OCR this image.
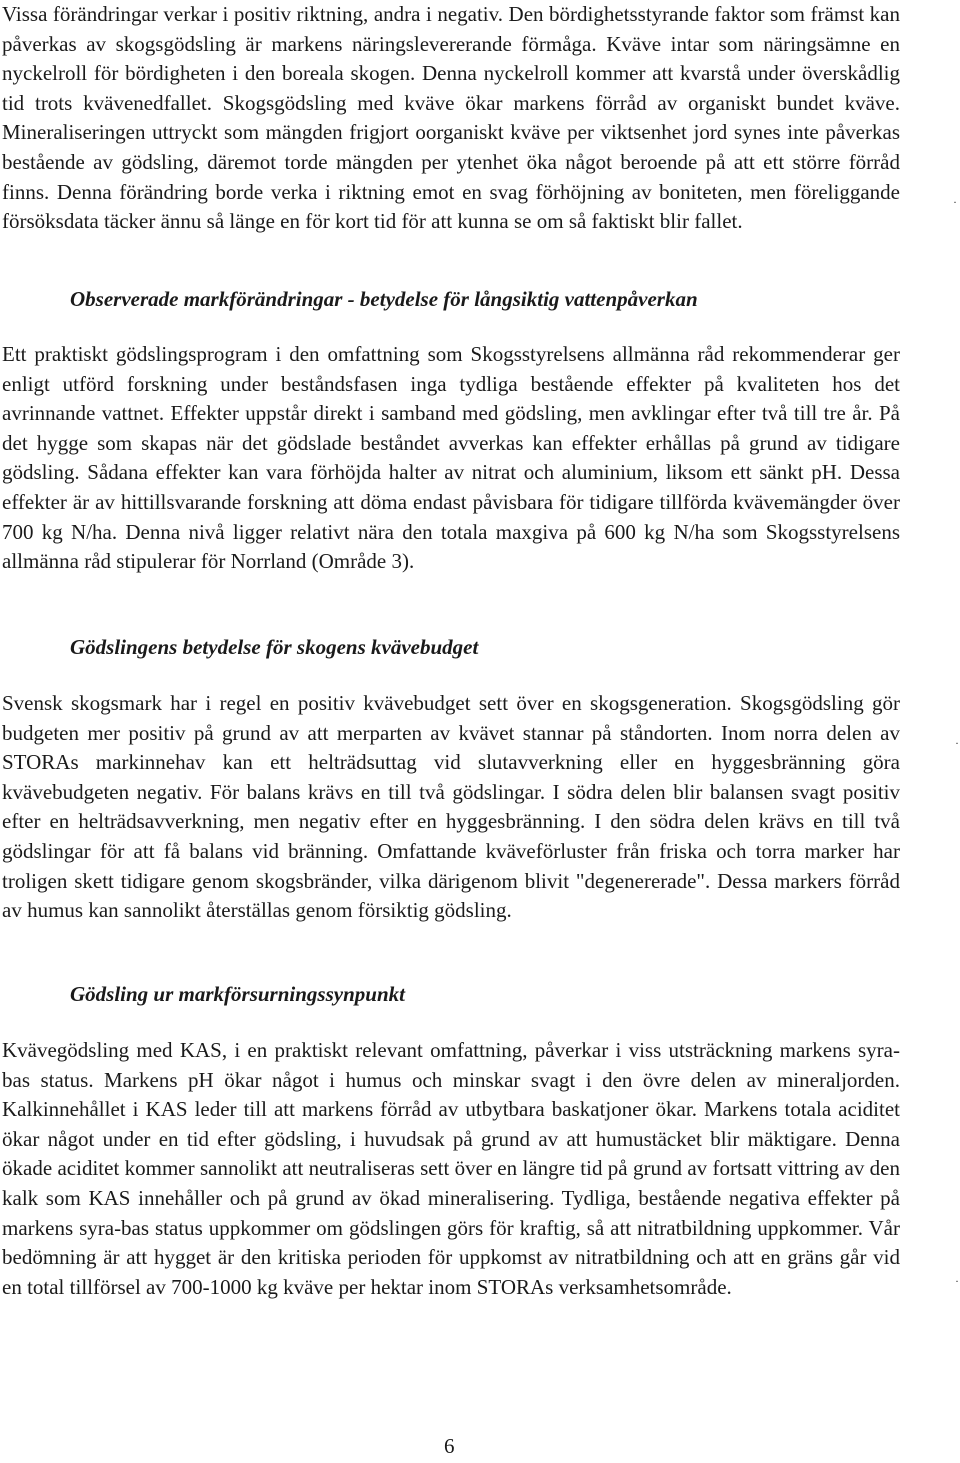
Vissa förändringar verkar i positiv riktning, andra i negativ. Den bördighetsstyrande faktor som främst kan påverkas av skogsgödsling är markens näringslevererande förmåga. Kväve intar som näringsämne en nyckelroll för bördigheten i den boreala skogen. Denna nyckelroll kommer att kvarstå under överskådlig tid trots kvävenedfallet. Skogsgödsling med kväve ökar markens förråd av organiskt bundet kväve. Mineraliseringen uttryckt som mängden frigjort oorganiskt kväve per viktsenhet jord synes inte påverkas bestående av gödsling, däremot torde mängden per ytenhet öka något beroende på att ett större förråd finns. Denna förändring borde verka i riktning emot en svag förhöjning av boniteten, men föreliggande försöksdata täcker ännu så länge en för kort tid för att kunna se om så faktiskt blir fallet.

Observerade markförändringar - betydelse för långsiktig vattenpåverkan

Ett praktiskt gödslingsprogram i den omfattning som Skogsstyrelsens allmänna råd rekommenderar ger enligt utförd forskning under beståndsfasen inga tydliga bestående effekter på kvaliteten hos det avrinnande vattnet. Effekter uppstår direkt i samband med gödsling, men avklingar efter två till tre år. På det hygge som skapas när det gödslade beståndet avverkas kan effekter erhållas på grund av tidigare gödsling. Sådana effekter kan vara förhöjda halter av nitrat och aluminium, liksom ett sänkt pH. Dessa effekter är av hittillsvarande forskning att döma endast påvisbara för tidigare tillförda kvävemängder över 700 kg N/ha. Denna nivå ligger relativt nära den totala maxgiva på 600 kg N/ha som Skogsstyrelsens allmänna råd stipulerar för Norrland (Område 3).

Gödslingens betydelse för skogens kvävebudget

Svensk skogsmark har i regel en positiv kvävebudget sett över en skogsgeneration. Skogsgödsling gör budgeten mer positiv på grund av att merparten av kvävet stannar på ståndorten. Inom norra delen av STORAs markinnehav kan ett helträdsuttag vid slutavverkning eller en hyggesbränning göra kvävebudgeten negativ. För balans krävs en till två gödslingar. I södra delen blir balansen svagt positiv efter en helträdsavverkning, men negativ efter en hyggesbränning. I den södra delen krävs en till två gödslingar för att få balans vid bränning. Omfattande kväveförluster från friska och torra marker har troligen skett tidigare genom skogsbränder, vilka därigenom blivit "degenererade". Dessa markers förråd av humus kan sannolikt återställas genom försiktig gödsling.

Gödsling ur markförsurningssynpunkt

Kvävegödsling med KAS, i en praktiskt relevant omfattning, påverkar i viss utsträckning markens syra-bas status. Markens pH ökar något i humus och minskar svagt i den övre delen av mineraljorden. Kalkinnehållet i KAS leder till att markens förråd av utbytbara baskatjoner ökar. Markens totala aciditet ökar något under en tid efter gödsling, i huvudsak på grund av att humustäcket blir mäktigare. Denna ökade aciditet kommer sannolikt att neutraliseras sett över en längre tid på grund av fortsatt vittring av den kalk som KAS innehåller och på grund av ökad mineralisering. Tydliga, bestående negativa effekter på markens syra-bas status uppkommer om gödslingen görs för kraftig, så att nitratbildning uppkommer. Vår bedömning är att hygget är den kritiska perioden för uppkomst av nitratbildning och att en gräns går vid en total tillförsel av 700-1000 kg kväve per hektar inom STORAs verksamhetsområde.

6
·
·
·
